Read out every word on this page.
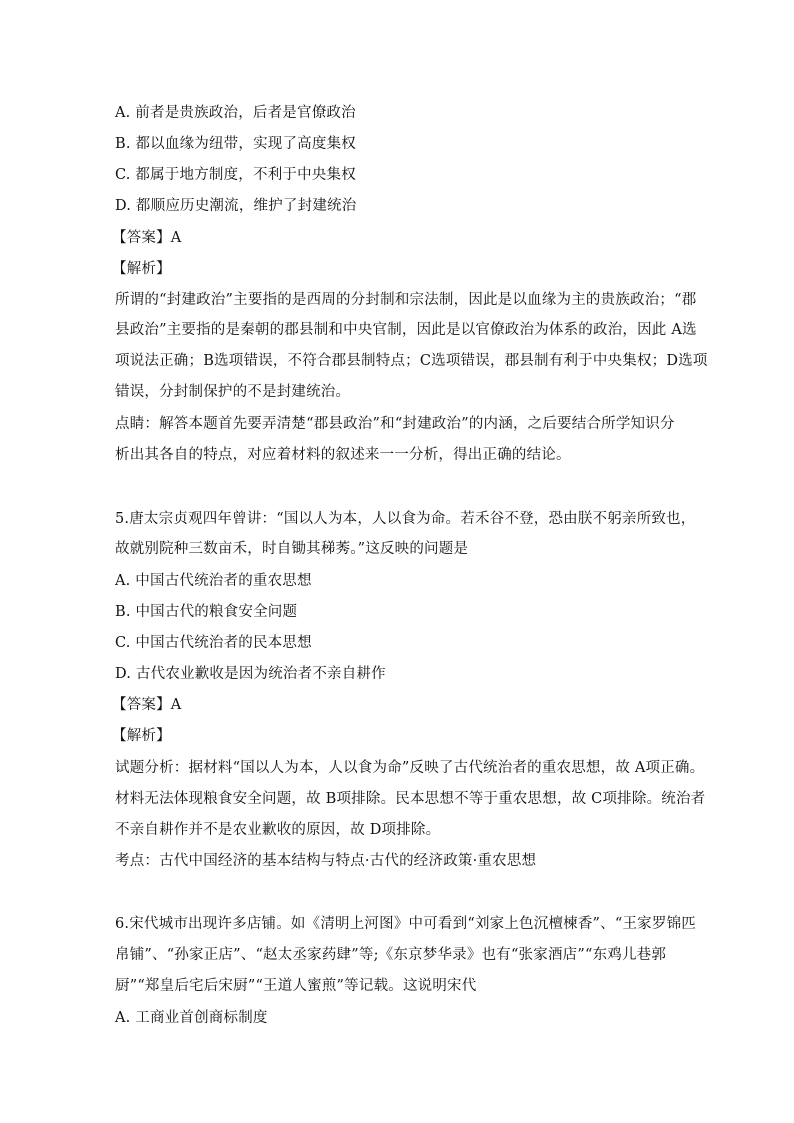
A. 前者是贵族政治，后者是官僚政治
B. 都以血缘为纽带，实现了高度集权
C. 都属于地方制度，不利于中央集权
D. 都顺应历史潮流，维护了封建统治
【答案】A
【解析】
所谓的“封建政治”主要指的是西周的分封制和宗法制，因此是以血缘为主的贵族政治；“郡
县政治”主要指的是秦朝的郡县制和中央官制，因此是以官僚政治为体系的政治，因此 A选
项说法正确；B选项错误，不符合郡县制特点；C选项错误，郡县制有利于中央集权；D选项
错误，分封制保护的不是封建统治。
点睛：解答本题首先要弄清楚“郡县政治”和“封建政治”的内涵，之后要结合所学知识分
析出其各自的特点，对应着材料的叙述来一一分析，得出正确的结论。
5.唐太宗贞观四年曾讲：“国以人为本，人以食为命。若禾谷不登，恐由朕不躬亲所致也，
故就别院种三数亩禾，时自锄其稊莠。”这反映的问题是
A. 中国古代统治者的重农思想
B. 中国古代的粮食安全问题
C. 中国古代统治者的民本思想
D. 古代农业歉收是因为统治者不亲自耕作
【答案】A
【解析】
试题分析：据材料“国以人为本，人以食为命”反映了古代统治者的重农思想，故 A项正确。
材料无法体现粮食安全问题，故 B项排除。民本思想不等于重农思想，故 C项排除。统治者
不亲自耕作并不是农业歉收的原因，故 D项排除。
考点：古代中国经济的基本结构与特点·古代的经济政策·重农思想
6.宋代城市出现许多店铺。如《清明上河图》中可看到“刘家上色沉檀楝香”、“王家罗锦匹
帛铺”、“孙家正店”、“赵太丞家药肆”等;《东京梦华录》也有“张家酒店”“东鸡儿巷郭
厨”“郑皇后宅后宋厨”“王道人蜜煎”等记载。这说明宋代
A. 工商业首创商标制度
